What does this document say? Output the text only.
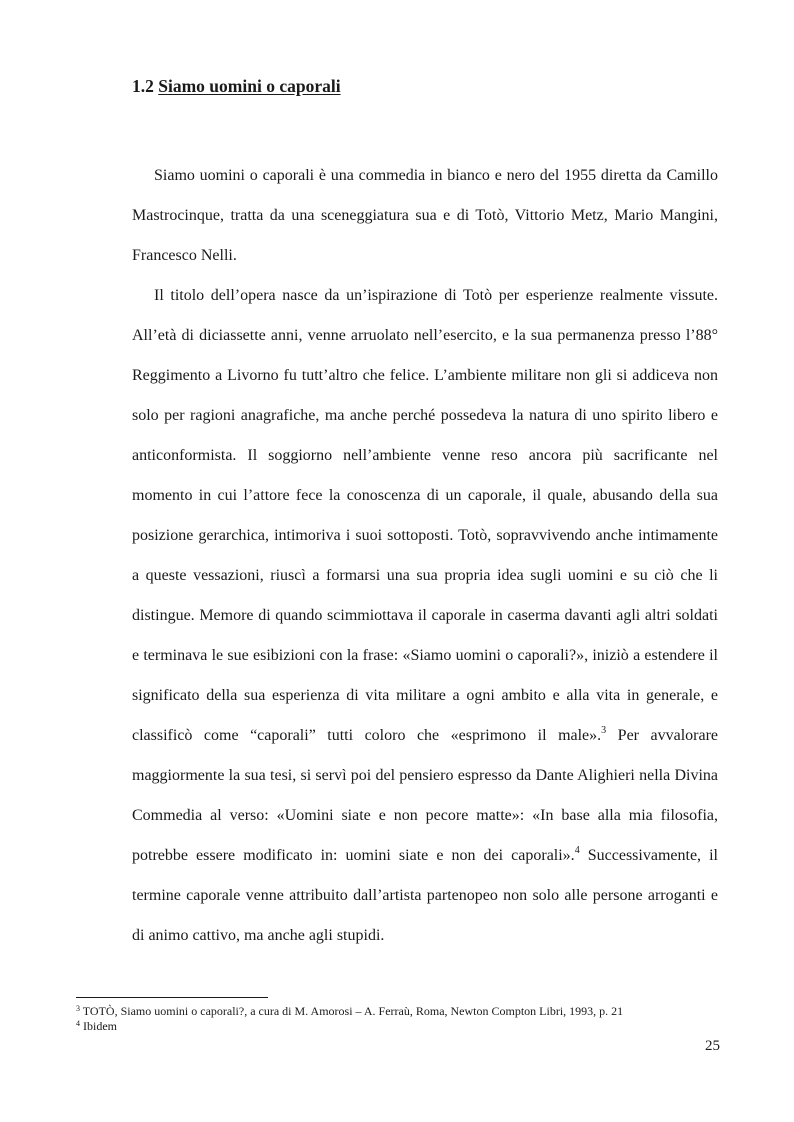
1.2 Siamo uomini o caporali

Siamo uomini o caporali è una commedia in bianco e nero del 1955 diretta da Camillo Mastrocinque, tratta da una sceneggiatura sua e di Totò, Vittorio Metz, Mario Mangini, Francesco Nelli.

Il titolo dell’opera nasce da un’ispirazione di Totò per esperienze realmente vissute. All’età di diciassette anni, venne arruolato nell’esercito, e la sua permanenza presso l’88° Reggimento a Livorno fu tutt’altro che felice. L’ambiente militare non gli si addiceva non solo per ragioni anagrafiche, ma anche perché possedeva la natura di uno spirito libero e anticonformista. Il soggiorno nell’ambiente venne reso ancora più sacrificante nel momento in cui l’attore fece la conoscenza di un caporale, il quale, abusando della sua posizione gerarchica, intimoriva i suoi sottoposti. Totò, sopravvivendo anche intimamente a queste vessazioni, riuscì a formarsi una sua propria idea sugli uomini e su ciò che li distingue. Memore di quando scimmiottava il caporale in caserma davanti agli altri soldati e terminava le sue esibizioni con la frase: «Siamo uomini o caporali?», iniziò a estendere il significato della sua esperienza di vita militare a ogni ambito e alla vita in generale, e classificò come “caporali” tutti coloro che «esprimono il male».$^3$ Per avvalorare maggiormente la sua tesi, si servì poi del pensiero espresso da Dante Alighieri nella Divina Commedia al verso: «Uomini siate e non pecore matte»: «In base alla mia filosofia, potrebbe essere modificato in: uomini siate e non dei caporali».$^4$ Successivamente, il termine caporale venne attribuito dall’artista partenopeo non solo alle persone arroganti e di animo cattivo, ma anche agli stupidi.

$^3$ TOTÒ, Siamo uomini o caporali?, a cura di M. Amorosi – A. Ferraù, Roma, Newton Compton Libri, 1993, p. 21
$^4$ Ibidem
25
